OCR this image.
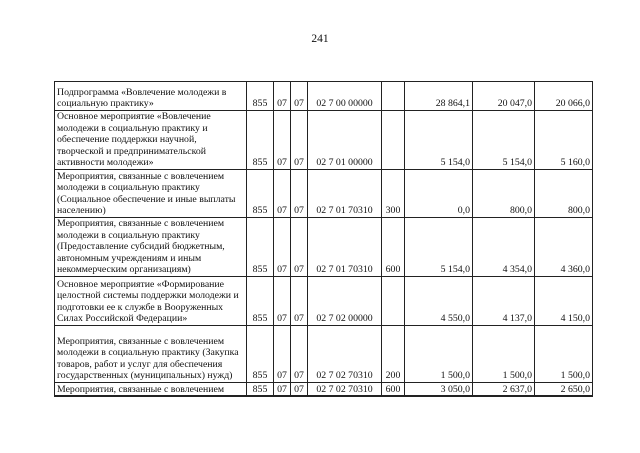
241
Подпрограмма «Вовлечение молодежи в социальную практику»	855	07	07	02 7 00 00000		28 864,1	20 047,0	20 066,0
Основное мероприятие «Вовлечение молодежи в социальную практику и обеспечение поддержки научной, творческой и предпринимательской активности молодежи»	855	07	07	02 7 01 00000		5 154,0	5 154,0	5 160,0
Мероприятия, связанные с вовлечением молодежи в социальную практику (Социальное обеспечение и иные выплаты населению)	855	07	07	02 7 01 70310	300	0,0	800,0	800,0
Мероприятия, связанные с вовлечением молодежи в социальную практику (Предоставление субсидий бюджетным, автономным учреждениям и иным некоммерческим организациям)	855	07	07	02 7 01 70310	600	5 154,0	4 354,0	4 360,0
Основное мероприятие «Формирование целостной системы поддержки молодежи и подготовки ее к службе в Вооруженных Силах Российской Федерации»	855	07	07	02 7 02 00000		4 550,0	4 137,0	4 150,0
Мероприятия, связанные с вовлечением молодежи в социальную практику (Закупка товаров, работ и услуг для обеспечения государственных (муниципальных) нужд)	855	07	07	02 7 02 70310	200	1 500,0	1 500,0	1 500,0
Мероприятия, связанные с вовлечением	855	07	07	02 7 02 70310	600	3 050,0	2 637,0	2 650,0
